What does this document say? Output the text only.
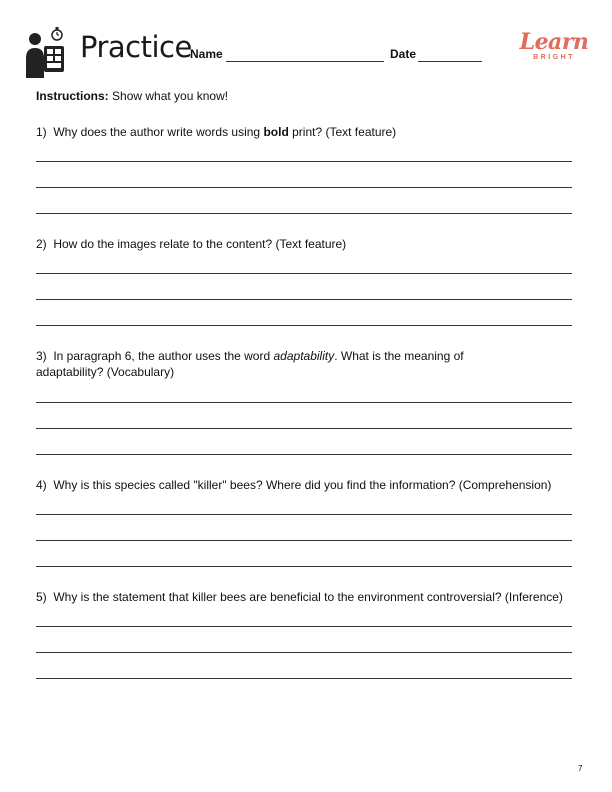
Practice
Name	Date	Learn
BRIGHT
Instructions: Show what you know!
1) Why does the author write words using bold print? (Text feature)
2) How do the images relate to the content? (Text feature)
3) In paragraph 6, the author uses the word adaptability. What is the meaning of adaptability? (Vocabulary)
4) Why is this species called "killer" bees? Where did you find the information? (Comprehension)
5) Why is the statement that killer bees are beneficial to the environment controversial? (Inference)
7
